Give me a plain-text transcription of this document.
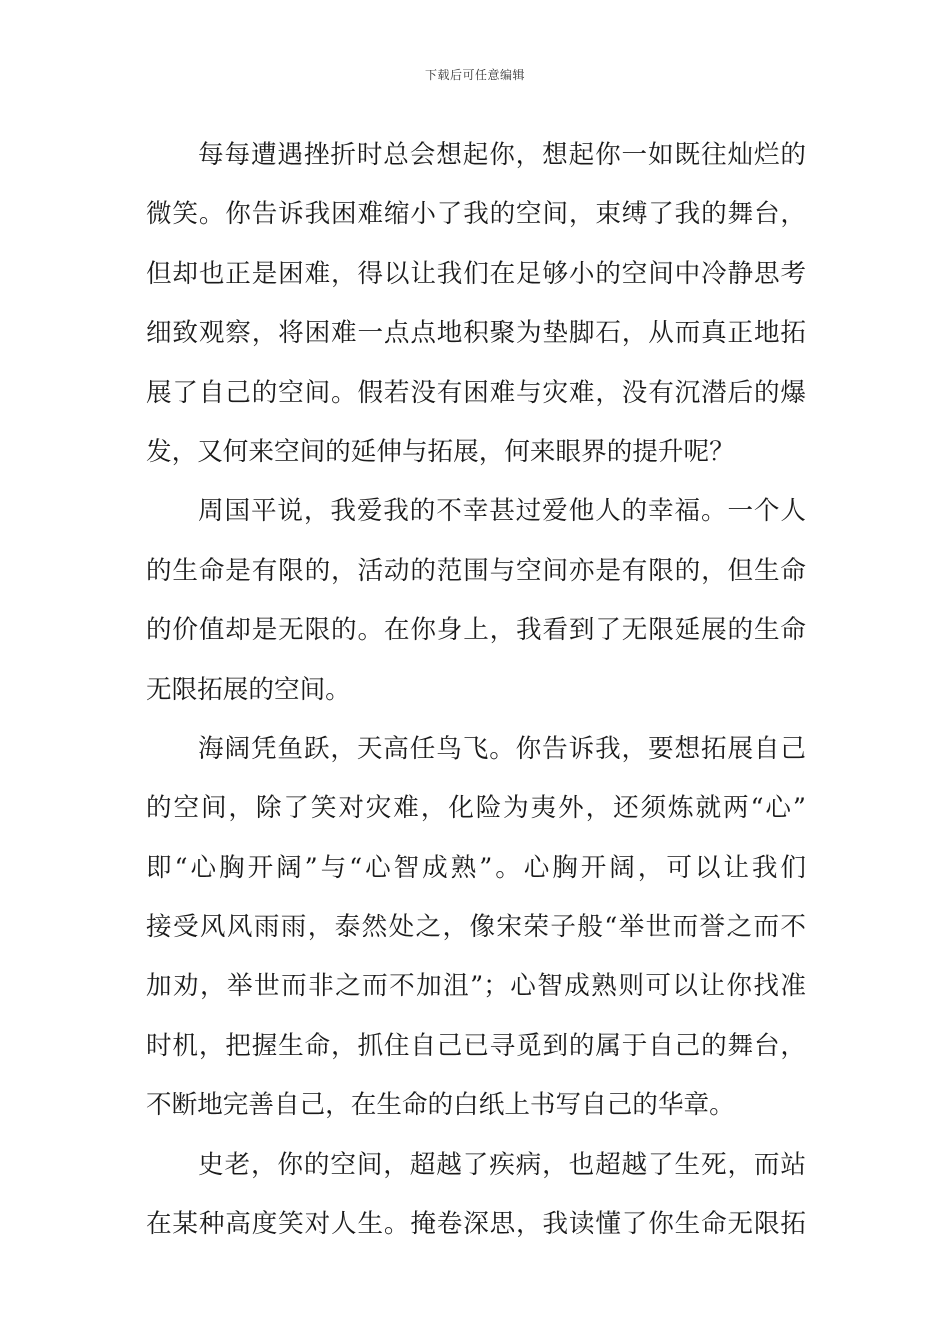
下载后可任意编辑
每每遭遇挫折时总会想起你，想起你一如既往灿烂的
微笑。你告诉我困难缩小了我的空间，束缚了我的舞台，
但却也正是困难，得以让我们在足够小的空间中冷静思考
细致观察，将困难一点点地积聚为垫脚石，从而真正地拓
展了自己的空间。假若没有困难与灾难，没有沉潜后的爆
发，又何来空间的延伸与拓展，何来眼界的提升呢？
周国平说，我爱我的不幸甚过爱他人的幸福。一个人
的生命是有限的，活动的范围与空间亦是有限的，但生命
的价值却是无限的。在你身上，我看到了无限延展的生命
无限拓展的空间。
海阔凭鱼跃，天高任鸟飞。你告诉我，要想拓展自己
的空间，除了笑对灾难，化险为夷外，还须炼就两“心”
即“心胸开阔”与“心智成熟”。心胸开阔，可以让我们
接受风风雨雨，泰然处之，像宋荣子般“举世而誉之而不
加劝，举世而非之而不加沮”；心智成熟则可以让你找准
时机，把握生命，抓住自己已寻觅到的属于自己的舞台，
不断地完善自己，在生命的白纸上书写自己的华章。
史老，你的空间，超越了疾病，也超越了生死，而站
在某种高度笑对人生。掩卷深思，我读懂了你生命无限拓
